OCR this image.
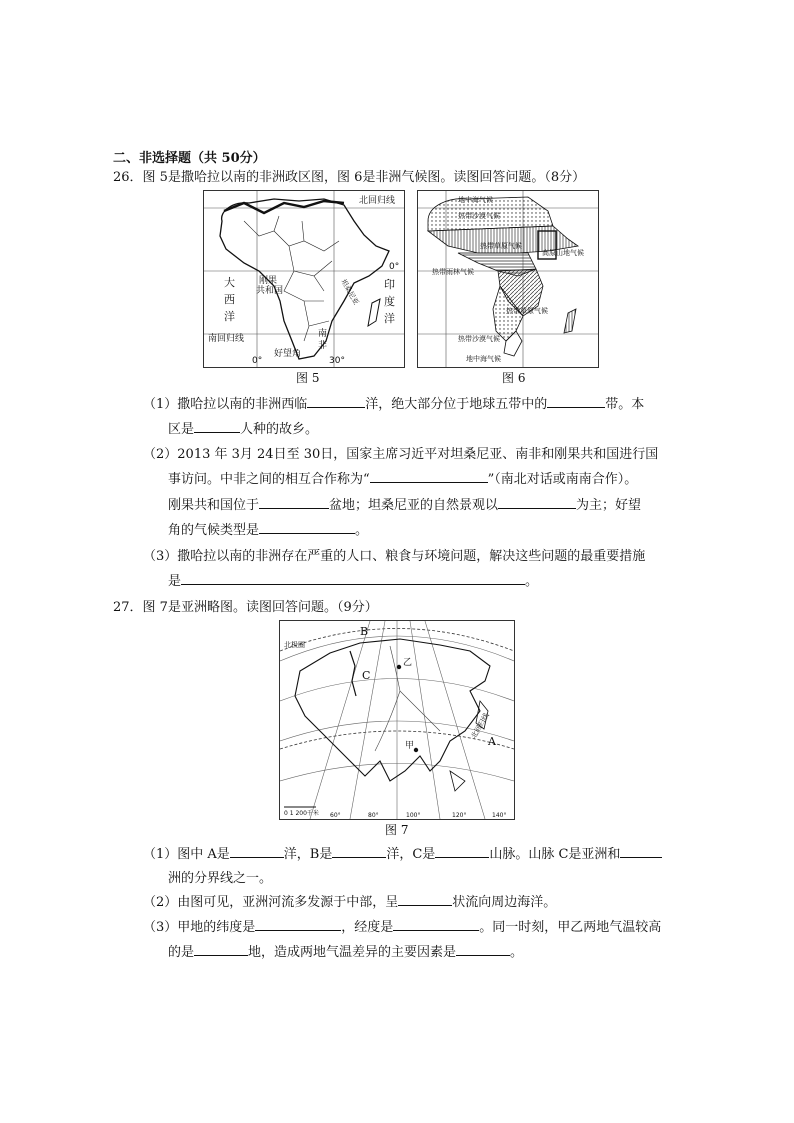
二、非选择题（共 50分）
26．图 5是撒哈拉以南的非洲政区图，图 6是非洲气候图。读图回答问题。（8分）
北回归线
南回归线
0°
大
西
洋
印
度
洋
刚果
共和国	坦桑尼亚
南
非
好望角
0°	30°
地中海气候
热带沙漠气候
热带草原气候
高原山地气候
热带雨林气候
热带草原气候
热带沙漠气候
地中海气候
图 5	图 6
（1）撒哈拉以南的非洲西临	洋，绝大部分位于地球五带中的	带。本
区是	人种的故乡。
（2）2013 年 3月 24日至 30日，国家主席习近平对坦桑尼亚、南非和刚果共和国进行国
事访问。中非之间的相互合作称为“	”（南北对话或南南合作）。
刚果共和国位于	盆地；坦桑尼亚的自然景观以	为主；好望
角的气候类型是	。
（3）撒哈拉以南的非洲存在严重的人口、粮食与环境问题，解决这些问题的最重要措施
是	。
27．图 7是亚洲略图。读图回答问题。（9分）
北极圈
北回归线
A
B
C
乙
甲
0 1 200千米 60°	80°	100°	120°	140°
图 7
（1）图中 A是	洋，B是	洋，C是	山脉。山脉 C是亚洲和
洲的分界线之一。
（2）由图可见，亚洲河流多发源于中部，呈	状流向周边海洋。
（3）甲地的纬度是	，经度是	。同一时刻，甲乙两地气温较高
的是	地，造成两地气温差异的主要因素是	。
